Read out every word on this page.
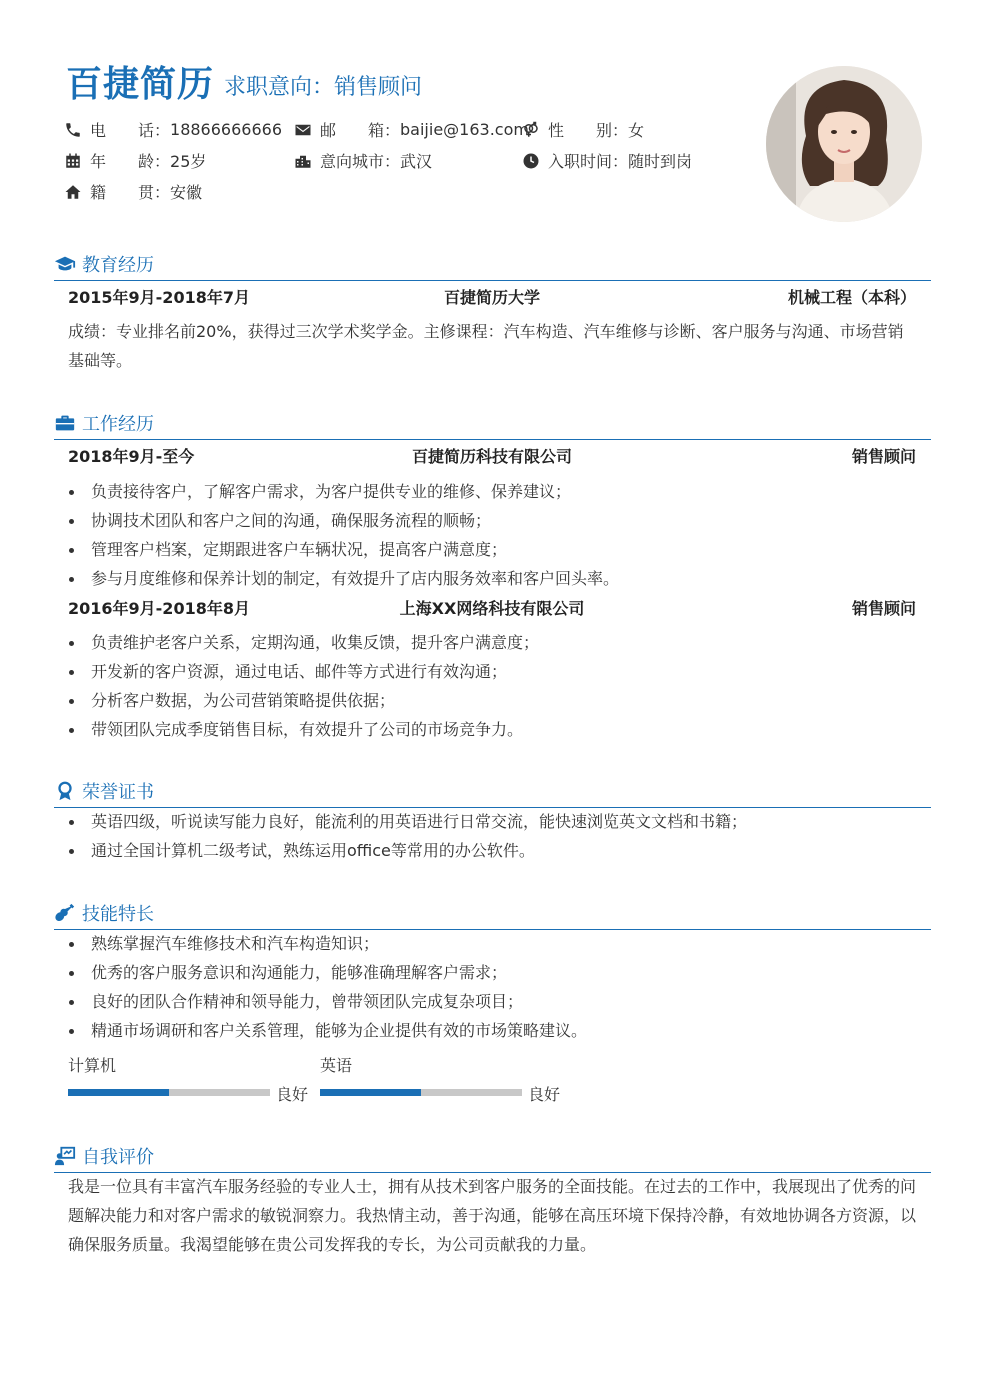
百捷简历 求职意向：销售顾问
电　　话： 18866666666 邮　　箱： baijie@163.com 性　　别： 女
年　　龄： 25岁	意向城市： 武汉	入职时间： 随时到岗
籍　　贯： 安徽
教育经历
2015年9月-2018年7月	百捷简历大学	机械工程（本科）
成绩：专业排名前20%，获得过三次学术奖学金。主修课程：汽车构造、汽车维修与诊断、客户服务与沟通、市场营销基础等。
工作经历
2018年9月-至今	百捷简历科技有限公司	销售顾问
负责接待客户，了解客户需求，为客户提供专业的维修、保养建议；
协调技术团队和客户之间的沟通，确保服务流程的顺畅；
管理客户档案，定期跟进客户车辆状况，提高客户满意度；
参与月度维修和保养计划的制定，有效提升了店内服务效率和客户回头率。
2016年9月-2018年8月	上海XX网络科技有限公司	销售顾问
负责维护老客户关系，定期沟通，收集反馈，提升客户满意度；
开发新的客户资源，通过电话、邮件等方式进行有效沟通；
分析客户数据，为公司营销策略提供依据；
带领团队完成季度销售目标，有效提升了公司的市场竞争力。
荣誉证书
英语四级，听说读写能力良好，能流利的用英语进行日常交流，能快速浏览英文文档和书籍；
通过全国计算机二级考试，熟练运用office等常用的办公软件。
技能特长
熟练掌握汽车维修技术和汽车构造知识；
优秀的客户服务意识和沟通能力，能够准确理解客户需求；
良好的团队合作精神和领导能力，曾带领团队完成复杂项目；
精通市场调研和客户关系管理，能够为企业提供有效的市场策略建议。
计算机
良好
英语
良好
自我评价
我是一位具有丰富汽车服务经验的专业人士，拥有从技术到客户服务的全面技能。在过去的工作中，我展现出了优秀的问题解决能力和对客户需求的敏锐洞察力。我热情主动，善于沟通，能够在高压环境下保持冷静，有效地协调各方资源，以确保服务质量。我渴望能够在贵公司发挥我的专长，为公司贡献我的力量。
